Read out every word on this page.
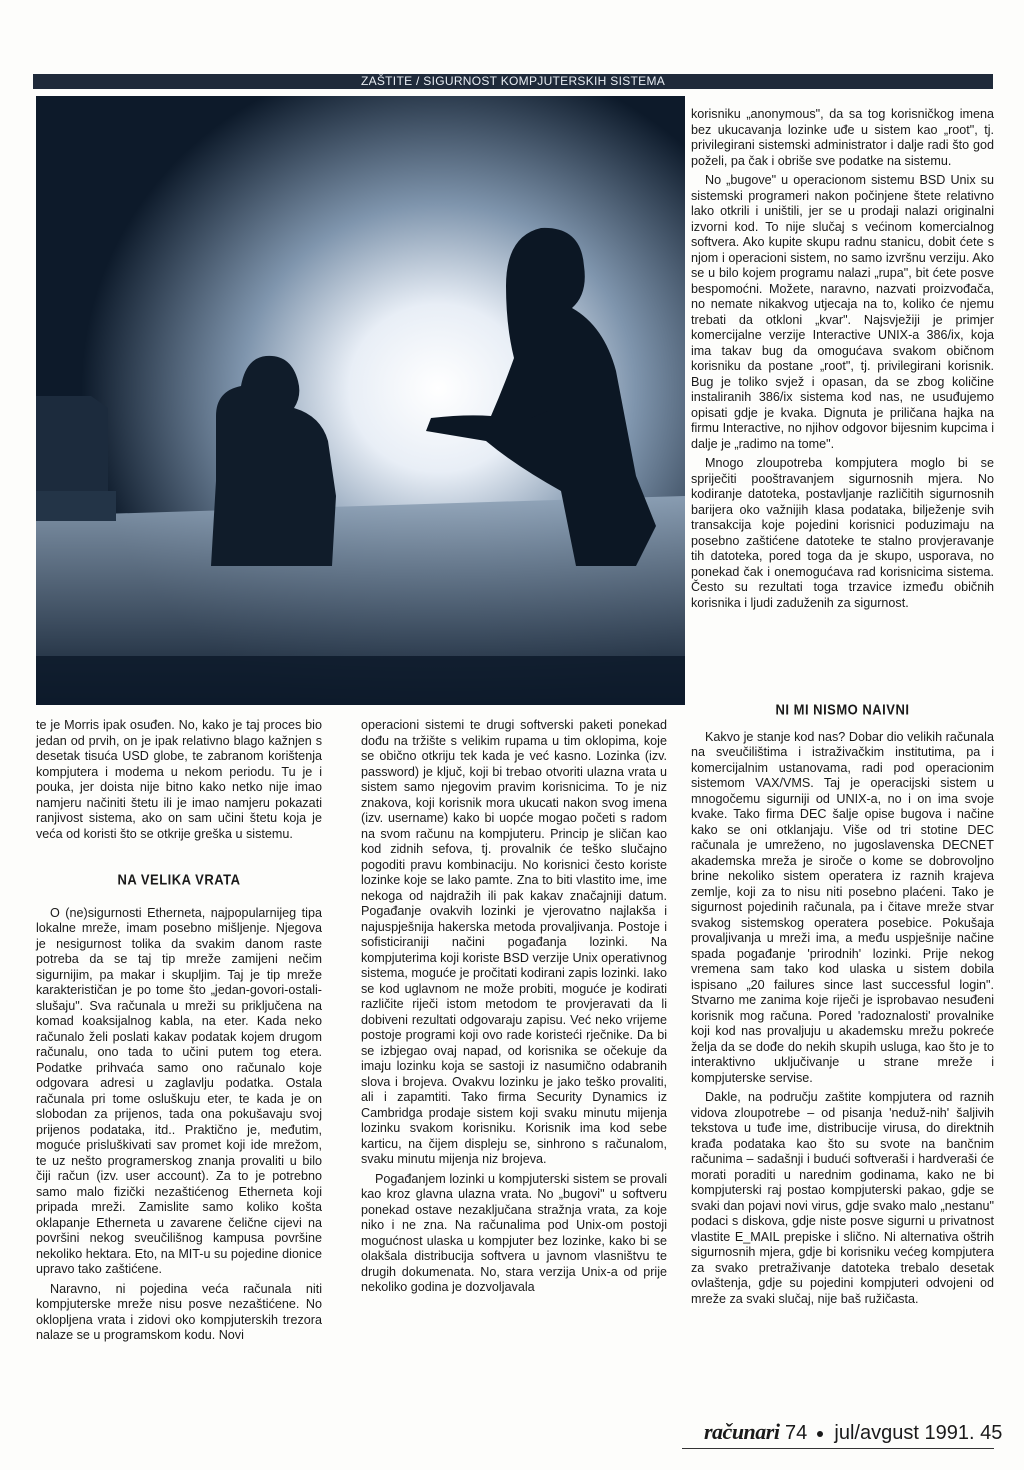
ZAŠTITE / SIGURNOST KOMPJUTERSKIH SISTEMA

korisniku „anonymous", da sa tog korisničkog imena bez ukucavanja lozinke uđe u sistem kao „root", tj. privilegirani sistemski administrator i dalje radi što god poželi, pa čak i obriše sve podatke na sistemu.

No „bugove" u operacionom sistemu BSD Unix su sistemski programeri nakon počinjene štete relativno lako otkrili i uništili, jer se u prodaji nalazi originalni izvorni kod. To nije slučaj s većinom komercialnog softvera. Ako kupite skupu radnu stanicu, dobit ćete s njom i operacioni sistem, no samo izvršnu verziju. Ako se u bilo kojem programu nalazi „rupa", bit ćete posve bespomoćni. Možete, naravno, nazvati proizvođača, no nemate nikakvog utjecaja na to, koliko će njemu trebati da otkloni „kvar". Najsvježiji je primjer komercijalne verzije Interactive UNIX-a 386/ix, koja ima takav bug da omogućava svakom običnom korisniku da postane „root", tj. privilegirani korisnik. Bug je toliko svjež i opasan, da se zbog količine instaliranih 386/ix sistema kod nas, ne usuđujemo opisati gdje je kvaka. Dignuta je priličana hajka na firmu Interactive, no njihov odgovor bijesnim kupcima i dalje je „radimo na tome".

Mnogo zloupotreba kompjutera moglo bi se spriječiti pooštravanjem sigurnosnih mjera. No kodiranje datoteka, postavljanje različitih sigurnosnih barijera oko važnijih klasa podataka, bilježenje svih transakcija koje pojedini korisnici poduzimaju na posebno zaštićene datoteke te stalno provjeravanje tih datoteka, pored toga da je skupo, usporava, no ponekad čak i onemogućava rad korisnicima sistema. Često su rezultati toga trzavice između običnih korisnika i ljudi zaduženih za sigurnost.

te je Morris ipak osuđen. No, kako je taj proces bio jedan od prvih, on je ipak relativno blago kažnjen s desetak tisuća USD globe, te zabranom korištenja kompjutera i modema u nekom periodu. Tu je i pouka, jer doista nije bitno kako netko nije imao namjeru načiniti štetu ili je imao namjeru pokazati ranjivost sistema, ako on sam učini štetu koja je veća od koristi što se otkrije greška u sistemu.

NA VELIKA VRATA

O (ne)sigurnosti Etherneta, najpopularnijeg tipa lokalne mreže, imam posebno mišljenje. Njegova je nesigurnost tolika da svakim danom raste potreba da se taj tip mreže zamijeni nečim sigurnijim, pa makar i skupljim. Taj je tip mreže karakterističan je po tome što „jedan-govori-ostali-slušaju". Sva računala u mreži su priključena na komad koaksijalnog kabla, na eter. Kada neko računalo želi poslati kakav podatak kojem drugom računalu, ono tada to učini putem tog etera. Podatke prihvaća samo ono računalo koje odgovara adresi u zaglavlju podatka. Ostala računala pri tome osluškuju eter, te kada je on slobodan za prijenos, tada ona pokušavaju svoj prijenos podataka, itd.. Praktično je, međutim, moguće prisluškivati sav promet koji ide mrežom, te uz nešto programerskog znanja provaliti u bilo čiji račun (izv. user account). Za to je potrebno samo malo fizički nezaštićenog Etherneta koji pripada mreži. Zamislite samo koliko košta oklapanje Etherneta u zavarene čelične cijevi na površini nekog sveučilišnog kampusa površine nekoliko hektara. Eto, na MIT-u su pojedine dionice upravo tako zaštićene.

Naravno, ni pojedina veća računala niti kompjuterske mreže nisu posve nezaštićene. No oklopljena vrata i zidovi oko kompjuterskih trezora nalaze se u programskom kodu. Novi

operacioni sistemi te drugi softverski paketi ponekad dođu na tržište s velikim rupama u tim oklopima, koje se obično otkriju tek kada je već kasno. Lozinka (izv. password) je ključ, koji bi trebao otvoriti ulazna vrata u sistem samo njegovim pravim korisnicima. To je niz znakova, koji korisnik mora ukucati nakon svog imena (izv. username) kako bi uopće mogao početi s radom na svom računu na kompjuteru. Princip je sličan kao kod zidnih sefova, tj. provalnik će teško slučajno pogoditi pravu kombinaciju. No korisnici često koriste lozinke koje se lako pamte. Zna to biti vlastito ime, ime nekoga od najdražih ili pak kakav značajniji datum. Pogađanje ovakvih lozinki je vjerovatno najlakša i najuspješnija hakerska metoda provaljivanja. Postoje i sofisticiraniji načini pogađanja lozinki. Na kompjuterima koji koriste BSD verzije Unix operativnog sistema, moguće je pročitati kodirani zapis lozinki. Iako se kod uglavnom ne može probiti, moguće je kodirati različite riječi istom metodom te provjeravati da li dobiveni rezultati odgovaraju zapisu. Već neko vrijeme postoje programi koji ovo rade koristeći rječnike. Da bi se izbjegao ovaj napad, od korisnika se očekuje da imaju lozinku koja se sastoji iz nasumično odabranih slova i brojeva. Ovakvu lozinku je jako teško provaliti, ali i zapamtiti. Tako firma Security Dynamics iz Cambridga prodaje sistem koji svaku minutu mijenja lozinku svakom korisniku. Korisnik ima kod sebe karticu, na čijem displeju se, sinhrono s računalom, svaku minutu mijenja niz brojeva.

Pogađanjem lozinki u kompjuterski sistem se provali kao kroz glavna ulazna vrata. No „bugovi" u softveru ponekad ostave nezaključana stražnja vrata, za koje niko i ne zna. Na računalima pod Unix-om postoji mogućnost ulaska u kompjuter bez lozinke, kako bi se olakšala distribucija softvera u javnom vlasništvu te drugih dokumenata. No, stara verzija Unix-a od prije nekoliko godina je dozvoljavala

NI MI NISMO NAIVNI

Kakvo je stanje kod nas? Dobar dio velikih računala na sveučilištima i istraživačkim institutima, pa i komercijalnim ustanovama, radi pod operacionim sistemom VAX/VMS. Taj je operacijski sistem u mnogočemu sigurniji od UNIX-a, no i on ima svoje kvake. Tako firma DEC šalje opise bugova i načine kako se oni otklanjaju. Više od tri stotine DEC računala je umreženo, no jugoslavenska DECNET akademska mreža je siroče o kome se dobrovoljno brine nekoliko sistem operatera iz raznih krajeva zemlje, koji za to nisu niti posebno plaćeni. Tako je sigurnost pojedinih računala, pa i čitave mreže stvar svakog sistemskog operatera posebice. Pokušaja provaljivanja u mreži ima, a među uspješnije načine spada pogađanje 'prirodnih' lozinki. Prije nekog vremena sam tako kod ulaska u sistem dobila ispisano „20 failures since last successful login". Stvarno me zanima koje riječi je isprobavao nesuđeni korisnik mog računa. Pored 'radoznalosti' provalnike koji kod nas provaljuju u akademsku mrežu pokreće želja da se dođe do nekih skupih usluga, kao što je to interaktivno uključivanje u strane mreže i kompjuterske servise.

Dakle, na području zaštite kompjutera od raznih vidova zloupotrebe – od pisanja 'neduž-nih' šaljivih tekstova u tuđe ime, distribucije virusa, do direktnih krađa podataka kao što su svote na bančnim računima – sadašnji i budući softveraši i hardveraši će morati poraditi u narednim godinama, kako ne bi kompjuterski raj postao kompjuterski pakao, gdje se svaki dan pojavi novi virus, gdje svako malo „nestanu" podaci s diskova, gdje niste posve sigurni u privatnost vlastite E_MAIL prepiske i slično. Ni alternativa oštrih sigurnosnih mjera, gdje bi korisniku većeg kompjutera za svako pretraživanje datoteka trebalo desetak ovlaštenja, gdje su pojedini kompjuteri odvojeni od mreže za svaki slučaj, nije baš ružičasta.

računari 74 jul/avgust 1991. 45
